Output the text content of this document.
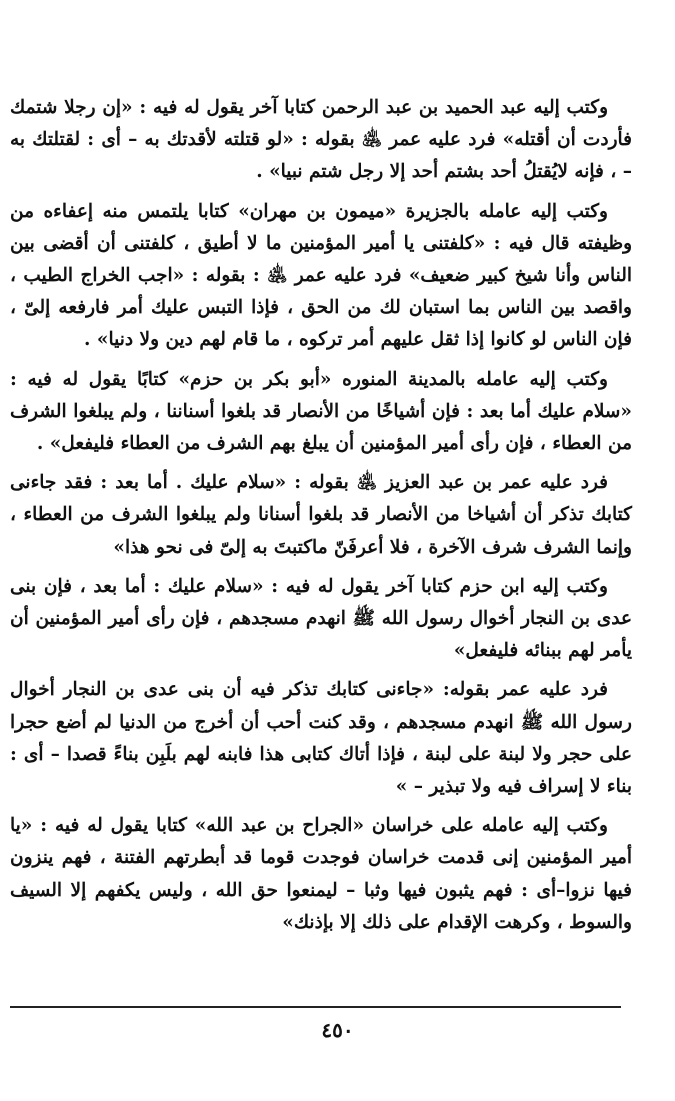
وكتب إليه عبد الحميد بن عبد الرحمن كتابا آخر يقول له فيه : «إن رجلا شتمك فأردت أن أقتله» فرد عليه عمر ﵁ بقوله : «لو قتلته لأقدتك به – أى : لقتلتك به – ، فإنه لايُقتلُ أحد بشتم أحد إلا رجل شتم نبيا» .

وكتب إليه عامله بالجزيرة «ميمون بن مهران» كتابا يلتمس منه إعفاءه من وظيفته قال فيه : «كلفتنى يا أمير المؤمنين ما لا أطيق ، كلفتنى أن أقضى بين الناس وأنا شيخ كبير ضعيف» فرد عليه عمر ﵁ : بقوله : «اجب الخراج الطيب ، واقصد بين الناس بما استبان لك من الحق ، فإذا التبس عليك أمر فارفعه إلىّ ، فإن الناس لو كانوا إذا ثقل عليهم أمر تركوه ، ما قام لهم دين ولا دنيا» .

وكتب إليه عامله بالمدينة المنوره «أبو بكر بن حزم» كتابًا يقول له فيه : «سلام عليك أما بعد : فإن أشياخًا من الأنصار قد بلغوا أسناننا ، ولم يبلغوا الشرف من العطاء ، فإن رأى أمير المؤمنين أن يبلغ بهم الشرف من العطاء فليفعل» .

فرد عليه عمر بن عبد العزيز ﵁ بقوله : «سلام عليك . أما بعد : فقد جاءنى كتابك تذكر أن أشياخا من الأنصار قد بلغوا أسنانا ولم يبلغوا الشرف من العطاء ، وإنما الشرف شرف الآخرة ، فلا أعرفَنّ ماكتبتَ به إلىّ فى نحو هذا»

وكتب إليه ابن حزم كتابا آخر يقول له فيه : «سلام عليك : أما بعد ، فإن بنى عدى بن النجار أخوال رسول الله ﷺ انهدم مسجدهم ، فإن رأى أمير المؤمنين أن يأمر لهم ببنائه فليفعل»

فرد عليه عمر بقوله: «جاءنى كتابك تذكر فيه أن بنى عدى بن النجار أخوال رسول الله ﷺ انهدم مسجدهم ، وقد كنت أحب أن أخرج من الدنيا لم أضع حجرا على حجر ولا لبنة على لبنة ، فإذا أتاك كتابى هذا فابنه لهم بلَبِن بناءً قصدا – أى : بناء لا إسراف فيه ولا تبذير – »

وكتب إليه عامله على خراسان «الجراح بن عبد الله» كتابا يقول له فيه : «يا أمير المؤمنين إنى قدمت خراسان فوجدت قوما قد أبطرتهم الفتنة ، فهم ينزون فيها نزوا–أى : فهم يثبون فيها وثبا – ليمنعوا حق الله ، وليس يكفهم إلا السيف والسوط ، وكرهت الإقدام على ذلك إلا بإذنك»

٤٥٠
